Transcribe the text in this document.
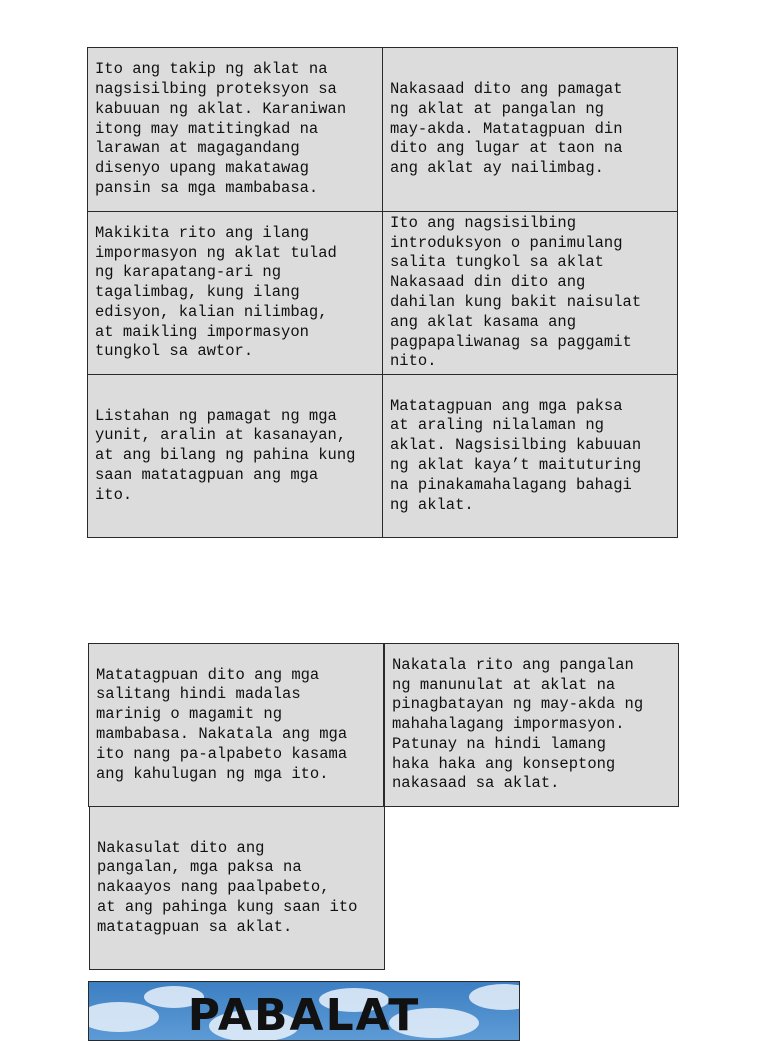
Ito ang takip ng aklat na
nagsisilbing proteksyon sa
kabuuan ng aklat. Karaniwan
itong may matitingkad na
larawan at magagandang
disenyo upang makatawag
pansin sa mga mambabasa.

Nakasaad dito ang pamagat
ng aklat at pangalan ng
may-akda. Matatagpuan din
dito ang lugar at taon na
ang aklat ay nailimbag.

Makikita rito ang ilang
impormasyon ng aklat tulad
ng karapatang-ari ng
tagalimbag, kung ilang
edisyon, kalian nilimbag,
at maikling impormasyon
tungkol sa awtor.

Ito ang nagsisilbing
introduksyon o panimulang
salita tungkol sa aklat
Nakasaad din dito ang
dahilan kung bakit naisulat
ang aklat kasama ang
pagpapaliwanag sa paggamit
nito.

Listahan ng pamagat ng mga
yunit, aralin at kasanayan,
at ang bilang ng pahina kung
saan matatagpuan ang mga
ito.

Matatagpuan ang mga paksa
at araling nilalaman ng
aklat. Nagsisilbing kabuuan
ng aklat kaya’t maituturing
na pinakamahalagang bahagi
ng aklat.

Matatagpuan dito ang mga
salitang hindi madalas
marinig o magamit ng
mambabasa. Nakatala ang mga
ito nang pa-alpabeto kasama
ang kahulugan ng mga ito.

Nakatala rito ang pangalan
ng manunulat at aklat na
pinagbatayan ng may-akda ng
mahahalagang impormasyon.
Patunay na hindi lamang
haka haka ang konseptong
nakasaad sa aklat.

Nakasulat dito ang
pangalan, mga paksa na
nakaayos nang paalpabeto,
at ang pahinga kung saan ito
matatagpuan sa aklat.

PABALAT
